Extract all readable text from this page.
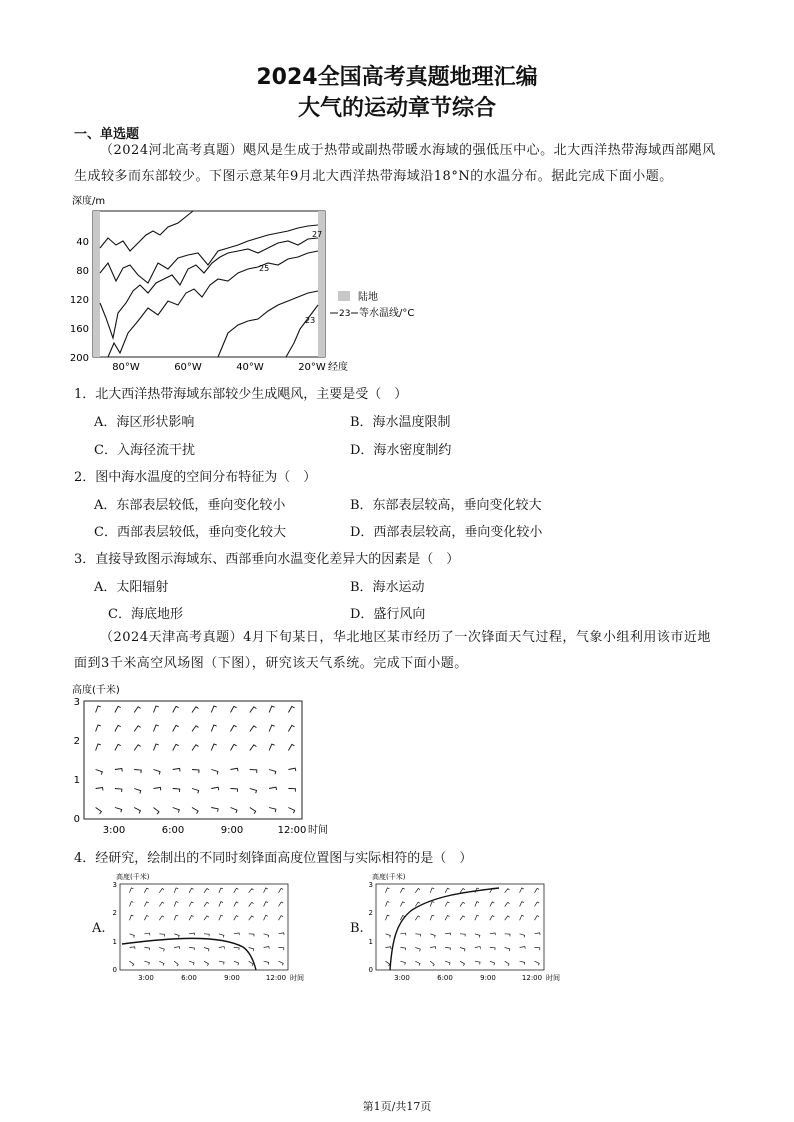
2024全国高考真题地理汇编
大气的运动章节综合
一、单选题
（2024河北高考真题）飓风是生成于热带或副热带暖水海域的强低压中心。北大西洋热带海域西部飓风生成较多而东部较少。下图示意某年9月北大西洋热带海域沿18°N的水温分布。据此完成下面小题。
深度/m
27
25
23
40
80
120
160
200
80°W	60°W	40°W	20°W 经度
陆地
23 等水温线/°C
1．北大西洋热带海域东部较少生成飓风，主要是受（　）
A．海区形状影响	B．海水温度限制
C．入海径流干扰	D．海水密度制约
2．图中海水温度的空间分布特征为（　）
A．东部表层较低，垂向变化较小	B．东部表层较高，垂向变化较大
C．西部表层较低，垂向变化较大	D．西部表层较高，垂向变化较小
3．直接导致图示海域东、西部垂向水温变化差异大的因素是（　）
A．太阳辐射	B．海水运动
C．海底地形	D．盛行风向
（2024天津高考真题）4月下旬某日，华北地区某市经历了一次锋面天气过程，气象小组利用该市近地面到3千米高空风场图（下图），研究该天气系统。完成下面小题。
高度(千米)
0
1
2
3
3:00	6:00	9:00	12:00 时间
4．经研究，绘制出的不同时刻锋面高度位置图与实际相符的是（　）
A.
高度(千米)
0
1
2
3
3:00	6:00	9:00	12:00 时间
B.
高度(千米)
0
1
2
3
3:00	6:00	9:00	12:00 时间
第1页/共17页
